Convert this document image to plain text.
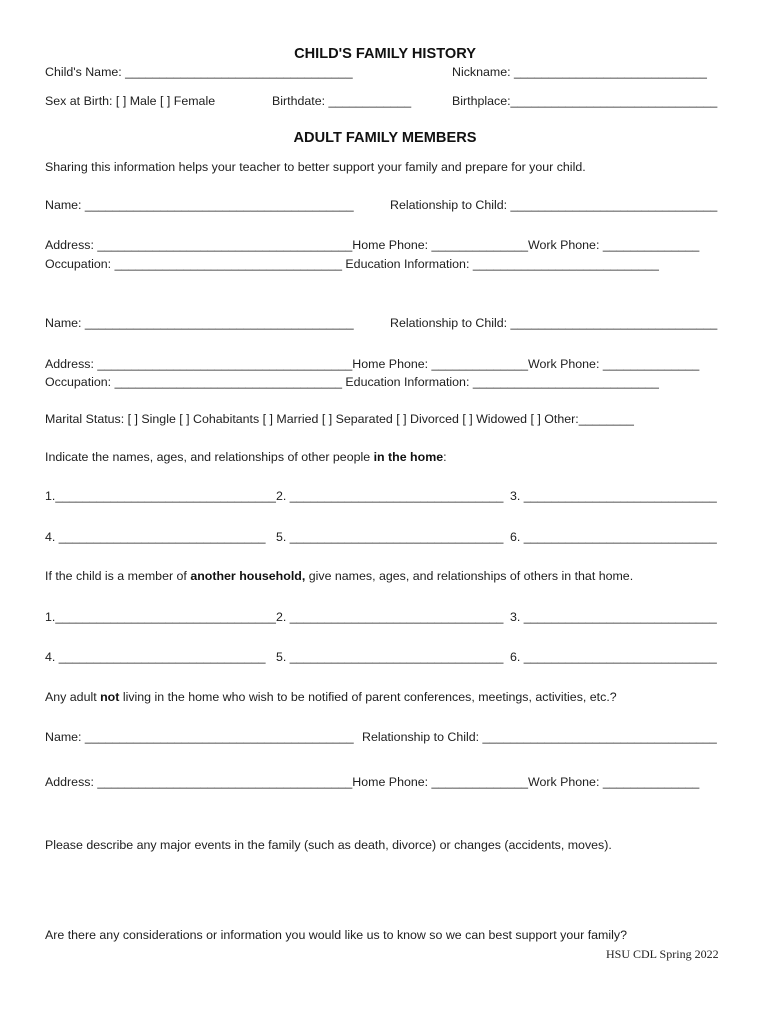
CHILD'S FAMILY HISTORY
Child's Name: _________________________________	Nickname: ____________________________
Sex at Birth: [ ] Male [ ] Female	Birthdate: ____________	Birthplace:______________________________
ADULT FAMILY MEMBERS
Sharing this information helps your teacher to better support your family and prepare for your child.
Name: _______________________________________	Relationship to Child: ______________________________
Address: _____________________________________Home Phone: ______________Work Phone: ______________
Occupation: _________________________________ Education Information: ___________________________
Name: _______________________________________	Relationship to Child: ______________________________
Address: _____________________________________Home Phone: ______________Work Phone: ______________
Occupation: _________________________________ Education Information: ___________________________
Marital Status: [ ] Single [ ] Cohabitants [ ] Married [ ] Separated [ ] Divorced [ ] Widowed [ ] Other:________
Indicate the names, ages, and relationships of other people in the home:
1.________________________________ 2. _______________________________ 3. ____________________________
4. ______________________________ 5. _______________________________ 6. ____________________________
If the child is a member of another household, give names, ages, and relationships of others in that home.
1.________________________________ 2. _______________________________ 3. ____________________________
4. ______________________________ 5. _______________________________ 6. ____________________________
Any adult not living in the home who wish to be notified of parent conferences, meetings, activities, etc.?
Name: _______________________________________ Relationship to Child: __________________________________
Address: _____________________________________Home Phone: ______________Work Phone: ______________
Please describe any major events in the family (such as death, divorce) or changes (accidents, moves).
Are there any considerations or information you would like us to know so we can best support your family?
HSU CDL Spring 2022
